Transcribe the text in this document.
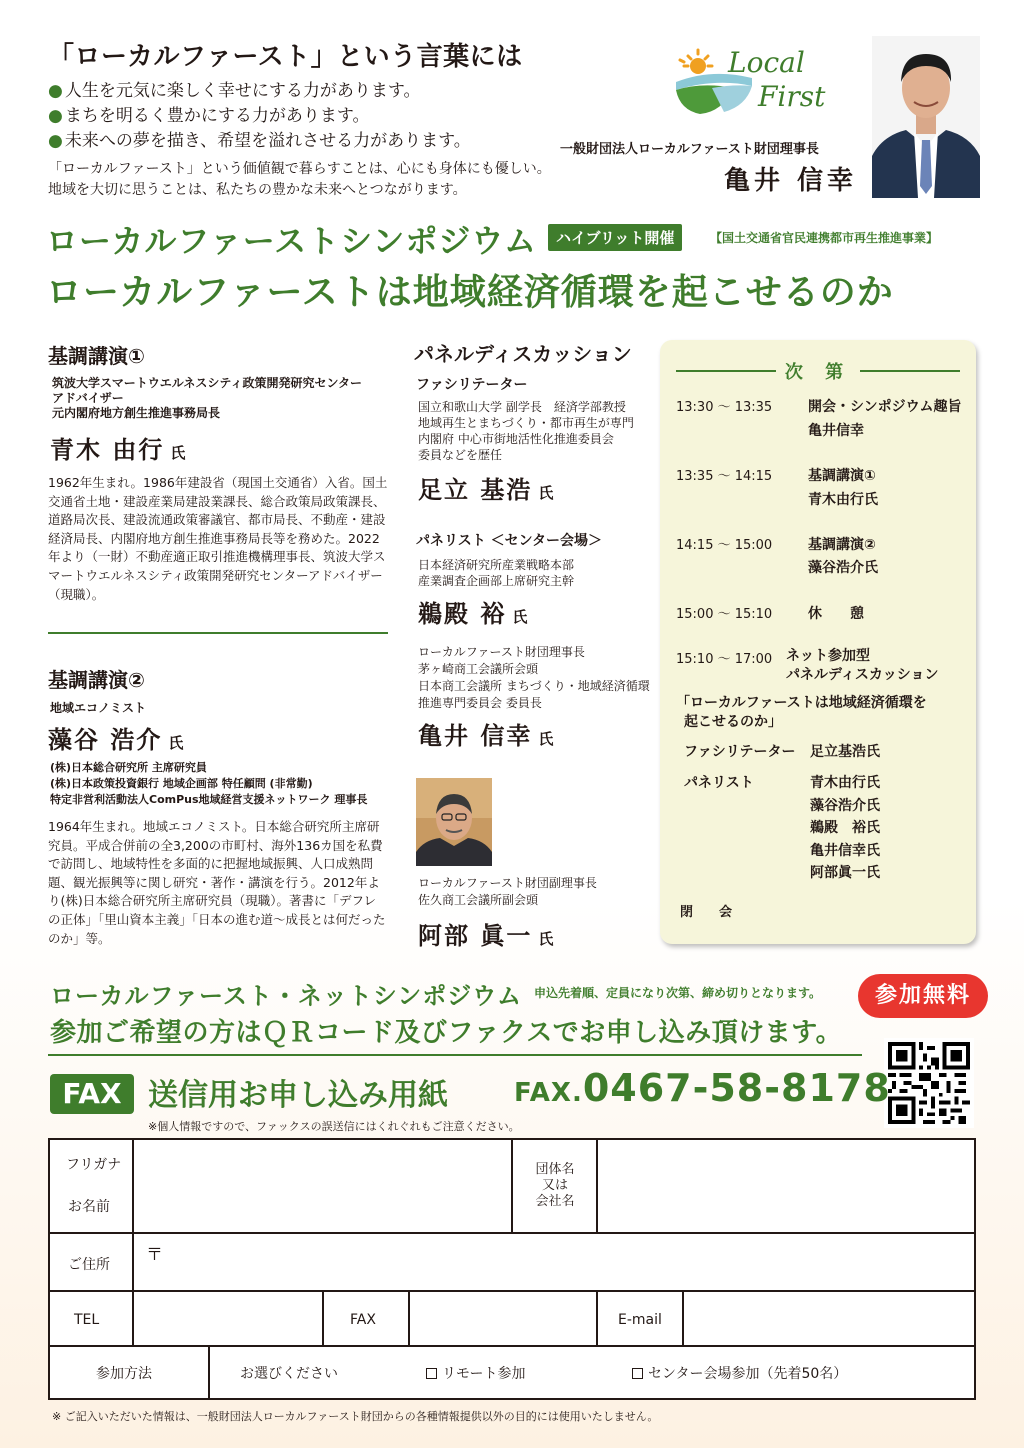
「ローカルファースト」という言葉には
● 人生を元気に楽しく幸せにする力があります。
● まちを明るく豊かにする力があります。
● 未来への夢を描き、希望を溢れさせる力があります。
「ローカルファースト」という価値観で暮らすことは、心にも身体にも優しい。
地域を大切に思うことは、私たちの豊かな未来へとつながります。
Local
First
一般財団法人ローカルファースト財団理事長
亀井 信幸
ローカルファーストシンポジウム	ハイブリット開催	【国土交通省官民連携都市再生推進事業】
ローカルファーストは地域経済循環を起こせるのか
基調講演①
筑波大学スマートウエルネスシティ政策開発研究センター
アドバイザー
元内閣府地方創生推進事務局長
青木 由行 氏
1962年生まれ。1986年建設省（現国土交通省）入省。国土交通省土地・建設産業局建設業課長、総合政策局政策課長、道路局次長、建設流通政策審議官、都市局長、不動産・建設経済局長、内閣府地方創生推進事務局長等を務めた。2022年より（一財）不動産適正取引推進機構理事長、筑波大学スマートウエルネスシティ政策開発研究センターアドバイザー（現職）。
基調講演②
地域エコノミスト
藻谷 浩介 氏
(株)日本総合研究所 主席研究員
(株)日本政策投資銀行 地域企画部 特任顧問 (非常勤)
特定非営利活動法人ComPus地域経営支援ネットワーク 理事長
1964年生まれ。地域エコノミスト。日本総合研究所主席研究員。平成合併前の全3,200の市町村、海外136カ国を私費で訪問し、地域特性を多面的に把握地域振興、人口成熟問題、観光振興等に関し研究・著作・講演を行う。2012年より(株)日本総合研究所主席研究員（現職）。著書に「デフレの正体」「里山資本主義」「日本の進む道〜成長とは何だったのか」等。
パネルディスカッション
ファシリテーター
国立和歌山大学 副学長　経済学部教授
地域再生とまちづくり・都市再生が専門
内閣府 中心市街地活性化推進委員会
委員などを歴任
足立 基浩 氏
パネリスト ＜センター会場＞
日本経済研究所産業戦略本部
産業調査企画部上席研究主幹
鵜殿 裕 氏
ローカルファースト財団理事長
茅ヶ崎商工会議所会頭
日本商工会議所 まちづくり・地域経済循環
推進専門委員会 委員長
亀井 信幸 氏
ローカルファースト財団副理事長
佐久商工会議所副会頭
阿部 眞一 氏
次 第
13:30 〜 13:35	開会・シンポジウム趣旨
亀井信幸
13:35 〜 14:15	基調講演①
青木由行氏
14:15 〜 15:00	基調講演②
藻谷浩介氏
15:00 〜 15:10	休　　憩
15:10 〜 17:00 ネット参加型
パネルディスカッション
「ローカルファーストは地域経済循環を
起こせるのか」
ファシリテーター 足立基浩氏
パネリスト	青木由行氏
藻谷浩介氏
鵜殿　裕氏
亀井信幸氏
阿部眞一氏
閉　　会
ローカルファースト・ネットシンポジウム 申込先着順、定員になり次第、締め切りとなります。	参加無料
参加ご希望の方はＱＲコード及びファクスでお申し込み頂けます。
FAX 送信用お申し込み用紙	FAX.0467-58-8178
※個人情報ですので、ファックスの誤送信にはくれぐれもご注意ください。
フリガナ
お名前
団体名
又は
会社名
ご住所 〒
TEL	FAX	E-mail
参加方法	お選びください	リモート参加	センター会場参加（先着50名）
※ ご記入いただいた情報は、一般財団法人ローカルファースト財団からの各種情報提供以外の目的には使用いたしません。
